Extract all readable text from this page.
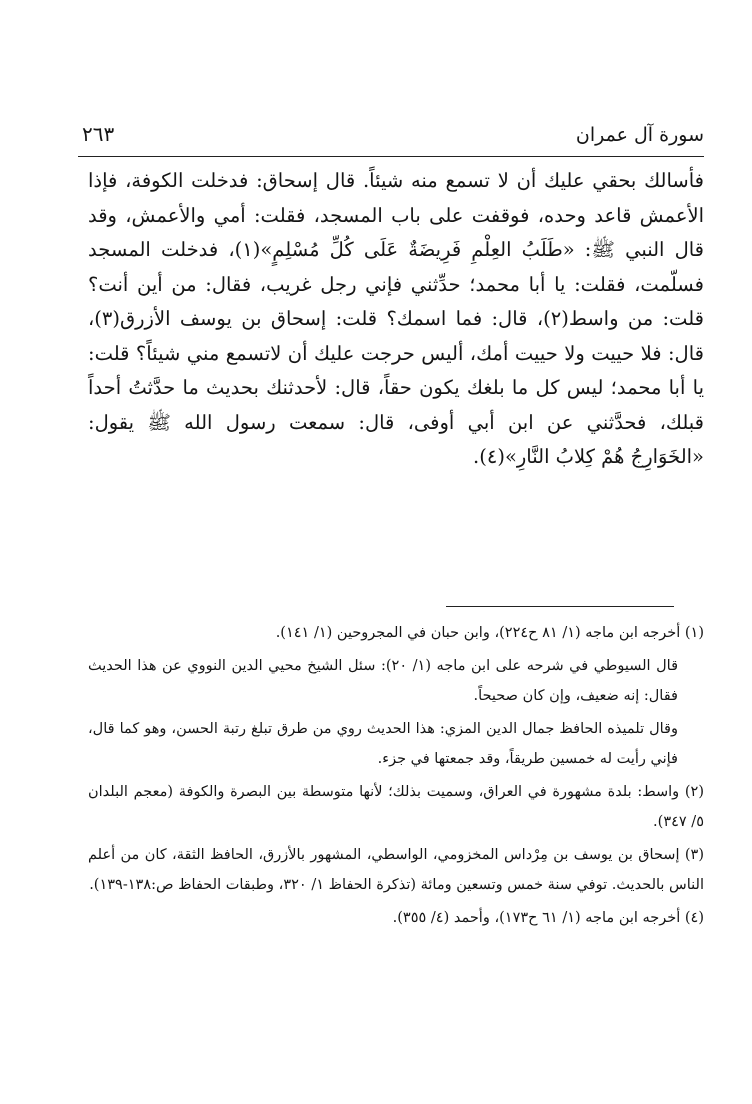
سورة آل عمران
٢٦٣

فأسالك بحقي عليك أن لا تسمع منه شيئاً. قال إسحاق: فدخلت الكوفة، فإذا الأعمش قاعد وحده، فوقفت على باب المسجد، فقلت: أمي والأعمش، وقد قال النبي ﷺ: «طَلَبُ العِلْمِ فَرِيضَةٌ عَلَى كُلِّ مُسْلِمٍ»(١)، فدخلت المسجد فسلّمت، فقلت: يا أبا محمد؛ حدِّثني فإني رجل غريب، فقال: من أين أنت؟ قلت: من واسط(٢)، قال: فما اسمك؟ قلت: إسحاق بن يوسف الأزرق(٣)، قال: فلا حييت ولا حييت أمك، أليس حرجت عليك أن لاتسمع مني شيئاً؟ قلت: يا أبا محمد؛ ليس كل ما بلغك يكون حقاً، قال: لأحدثنك بحديث ما حدَّثتُ أحداً قبلك، فحدَّثني عن ابن أبي أوفى، قال: سمعت رسول الله ﷺ يقول: «الخَوَارِجُ هُمْ كِلابُ النَّارِ»(٤).

(١) أخرجه ابن ماجه (١/ ٨١ ح٢٢٤)، وابن حبان في المجروحين (١/ ١٤١).

قال السيوطي في شرحه على ابن ماجه (١/ ٢٠): سئل الشيخ محيي الدين النووي عن هذا الحديث فقال: إنه ضعيف، وإن كان صحيحاً.

وقال تلميذه الحافظ جمال الدين المزي: هذا الحديث روي من طرق تبلغ رتبة الحسن، وهو كما قال، فإني رأيت له خمسين طريقاً، وقد جمعتها في جزء.

(٢) واسط: بلدة مشهورة في العراق، وسميت بذلك؛ لأنها متوسطة بين البصرة والكوفة (معجم البلدان ٥/ ٣٤٧).

(٣) إسحاق بن يوسف بن مِرْداس المخزومي، الواسطي، المشهور بالأزرق، الحافظ الثقة، كان من أعلم الناس بالحديث. توفي سنة خمس وتسعين ومائة (تذكرة الحفاظ ١/ ٣٢٠، وطبقات الحفاظ ص:١٣٨-١٣٩).

(٤) أخرجه ابن ماجه (١/ ٦١ ح١٧٣)، وأحمد (٤/ ٣٥٥).
